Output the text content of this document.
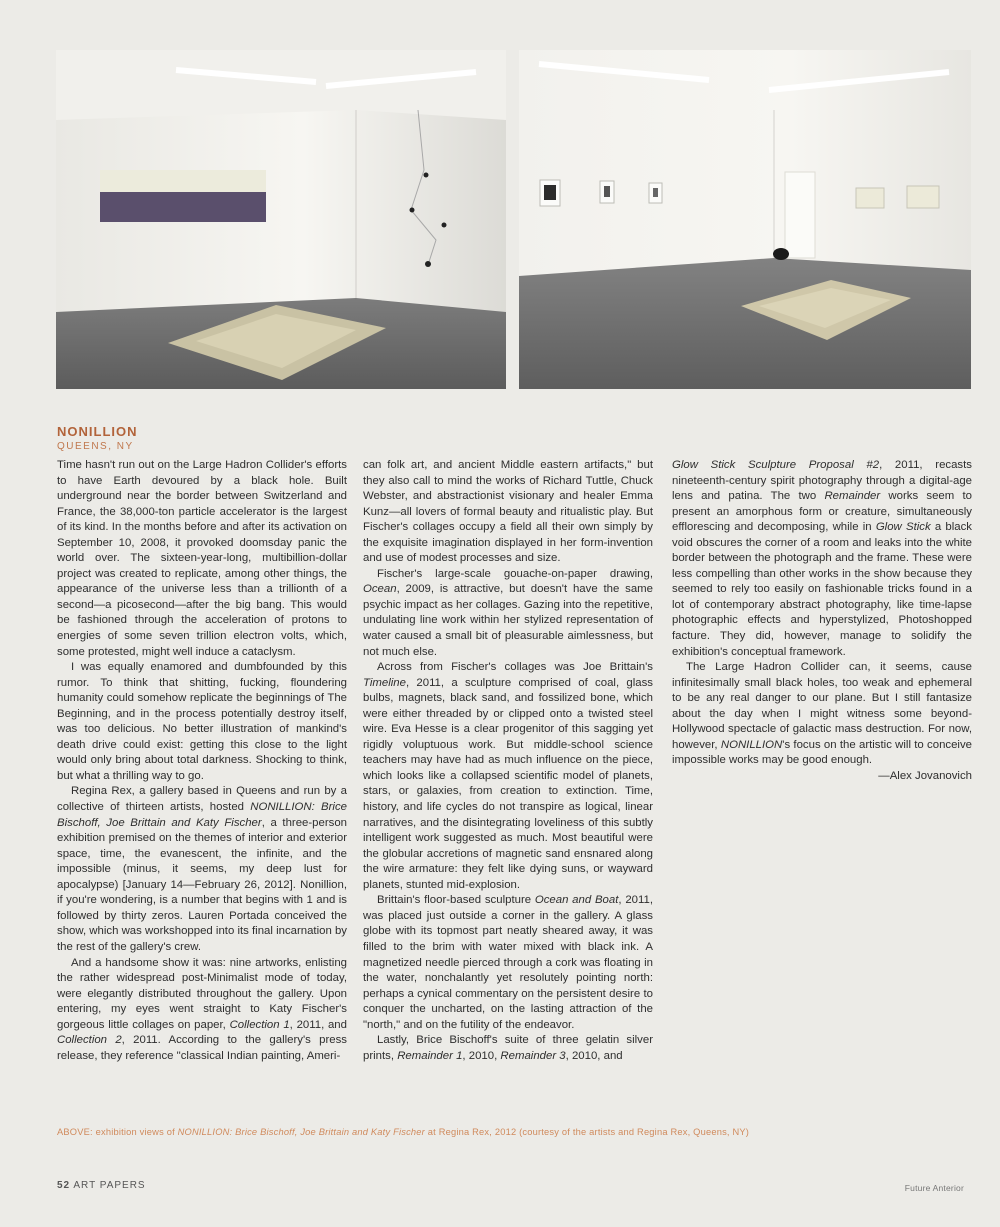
NONILLION
QUEENS, NY

Time hasn't run out on the Large Hadron Collider's efforts to have Earth devoured by a black hole. Built underground near the border between Switzerland and France, the 38,000-ton particle accelerator is the largest of its kind. In the months before and after its activation on September 10, 2008, it provoked doomsday panic the world over. The sixteen-year-long, multibillion-dollar project was created to replicate, among other things, the appearance of the universe less than a trillionth of a second—a picosecond—after the big bang. This would be fashioned through the acceleration of protons to energies of some seven trillion electron volts, which, some protested, might well induce a cataclysm.

I was equally enamored and dumbfounded by this rumor. To think that shitting, fucking, floundering humanity could somehow replicate the beginnings of The Beginning, and in the process potentially destroy itself, was too delicious. No better illustration of mankind's death drive could exist: getting this close to the light would only bring about total darkness. Shocking to think, but what a thrilling way to go.

Regina Rex, a gallery based in Queens and run by a collective of thirteen artists, hosted NONILLION: Brice Bischoff, Joe Brittain and Katy Fischer, a three-person exhibition premised on the themes of interior and exterior space, time, the evanescent, the infinite, and the impossible (minus, it seems, my deep lust for apocalypse) [January 14—February 26, 2012]. Nonillion, if you're wondering, is a number that begins with 1 and is followed by thirty zeros. Lauren Portada conceived the show, which was workshopped into its final incarnation by the rest of the gallery's crew.

And a handsome show it was: nine artworks, enlisting the rather widespread post-Minimalist mode of today, were elegantly distributed throughout the gallery. Upon entering, my eyes went straight to Katy Fischer's gorgeous little collages on paper, Collection 1, 2011, and Collection 2, 2011. According to the gallery's press release, they reference "classical Indian painting, Ameri-

can folk art, and ancient Middle eastern artifacts," but they also call to mind the works of Richard Tuttle, Chuck Webster, and abstractionist visionary and healer Emma Kunz—all lovers of formal beauty and ritualistic play. But Fischer's collages occupy a field all their own simply by the exquisite imagination displayed in her form-invention and use of modest processes and size.

Fischer's large-scale gouache-on-paper drawing, Ocean, 2009, is attractive, but doesn't have the same psychic impact as her collages. Gazing into the repetitive, undulating line work within her stylized representation of water caused a small bit of pleasurable aimlessness, but not much else.

Across from Fischer's collages was Joe Brittain's Timeline, 2011, a sculpture comprised of coal, glass bulbs, magnets, black sand, and fossilized bone, which were either threaded by or clipped onto a twisted steel wire. Eva Hesse is a clear progenitor of this sagging yet rigidly voluptuous work. But middle-school science teachers may have had as much influence on the piece, which looks like a collapsed scientific model of planets, stars, or galaxies, from creation to extinction. Time, history, and life cycles do not transpire as logical, linear narratives, and the disintegrating loveliness of this subtly intelligent work suggested as much. Most beautiful were the globular accretions of magnetic sand ensnared along the wire armature: they felt like dying suns, or wayward planets, stunted mid-explosion.

Brittain's floor-based sculpture Ocean and Boat, 2011, was placed just outside a corner in the gallery. A glass globe with its topmost part neatly sheared away, it was filled to the brim with water mixed with black ink. A magnetized needle pierced through a cork was floating in the water, nonchalantly yet resolutely pointing north: perhaps a cynical commentary on the persistent desire to conquer the uncharted, on the lasting attraction of the "north," and on the futility of the endeavor.

Lastly, Brice Bischoff's suite of three gelatin silver prints, Remainder 1, 2010, Remainder 3, 2010, and

Glow Stick Sculpture Proposal #2, 2011, recasts nineteenth-century spirit photography through a digital-age lens and patina. The two Remainder works seem to present an amorphous form or creature, simultaneously efflorescing and decomposing, while in Glow Stick a black void obscures the corner of a room and leaks into the white border between the photograph and the frame. These were less compelling than other works in the show because they seemed to rely too easily on fashionable tricks found in a lot of contemporary abstract photography, like time-lapse photographic effects and hyperstylized, Photoshopped facture. They did, however, manage to solidify the exhibition's conceptual framework.

The Large Hadron Collider can, it seems, cause infinitesimally small black holes, too weak and ephemeral to be any real danger to our plane. But I still fantasize about the day when I might witness some beyond-Hollywood spectacle of galactic mass destruction. For now, however, NONILLION's focus on the artistic will to conceive impossible works may be good enough.

—Alex Jovanovich

ABOVE: exhibition views of NONILLION: Brice Bischoff, Joe Brittain and Katy Fischer at Regina Rex, 2012 (courtesy of the artists and Regina Rex, Queens, NY)
52 ART PAPERS	Future Anterior
